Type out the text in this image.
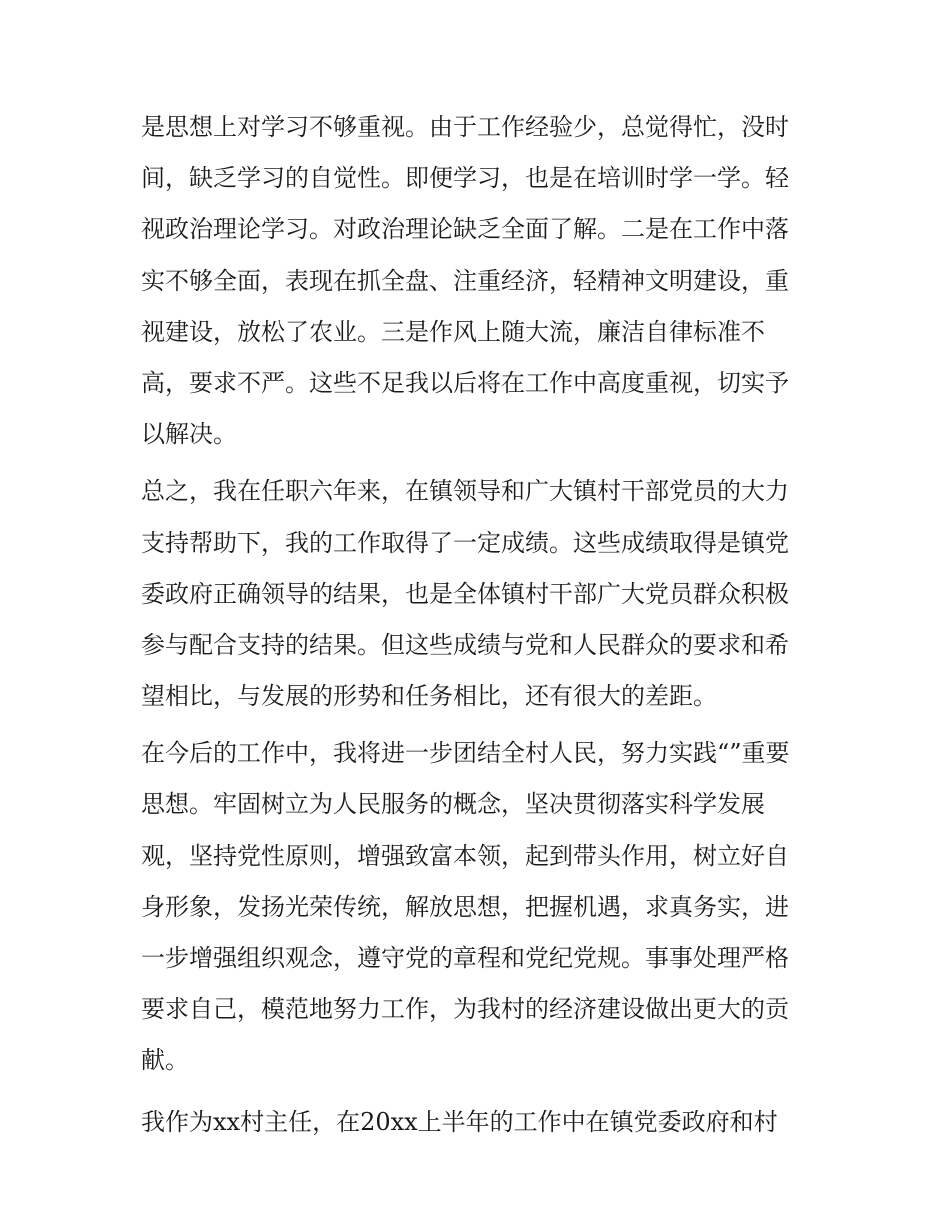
是思想上对学习不够重视。由于工作经验少，总觉得忙，没时
间，缺乏学习的自觉性。即便学习，也是在培训时学一学。轻
视政治理论学习。对政治理论缺乏全面了解。二是在工作中落
实不够全面，表现在抓全盘、注重经济，轻精神文明建设，重
视建设，放松了农业。三是作风上随大流，廉洁自律标准不
高，要求不严。这些不足我以后将在工作中高度重视，切实予
以解决。
总之，我在任职六年来，在镇领导和广大镇村干部党员的大力
支持帮助下，我的工作取得了一定成绩。这些成绩取得是镇党
委政府正确领导的结果，也是全体镇村干部广大党员群众积极
参与配合支持的结果。但这些成绩与党和人民群众的要求和希
望相比，与发展的形势和任务相比，还有很大的差距。
在今后的工作中，我将进一步团结全村人民，努力实践“”重要
思想。牢固树立为人民服务的概念，坚决贯彻落实科学发展
观，坚持党性原则，增强致富本领，起到带头作用，树立好自
身形象，发扬光荣传统，解放思想，把握机遇，求真务实，进
一步增强组织观念，遵守党的章程和党纪党规。事事处理严格
要求自己，模范地努力工作，为我村的经济建设做出更大的贡
献。
我作为xx村主任，在20xx上半年的工作中在镇党委政府和村
